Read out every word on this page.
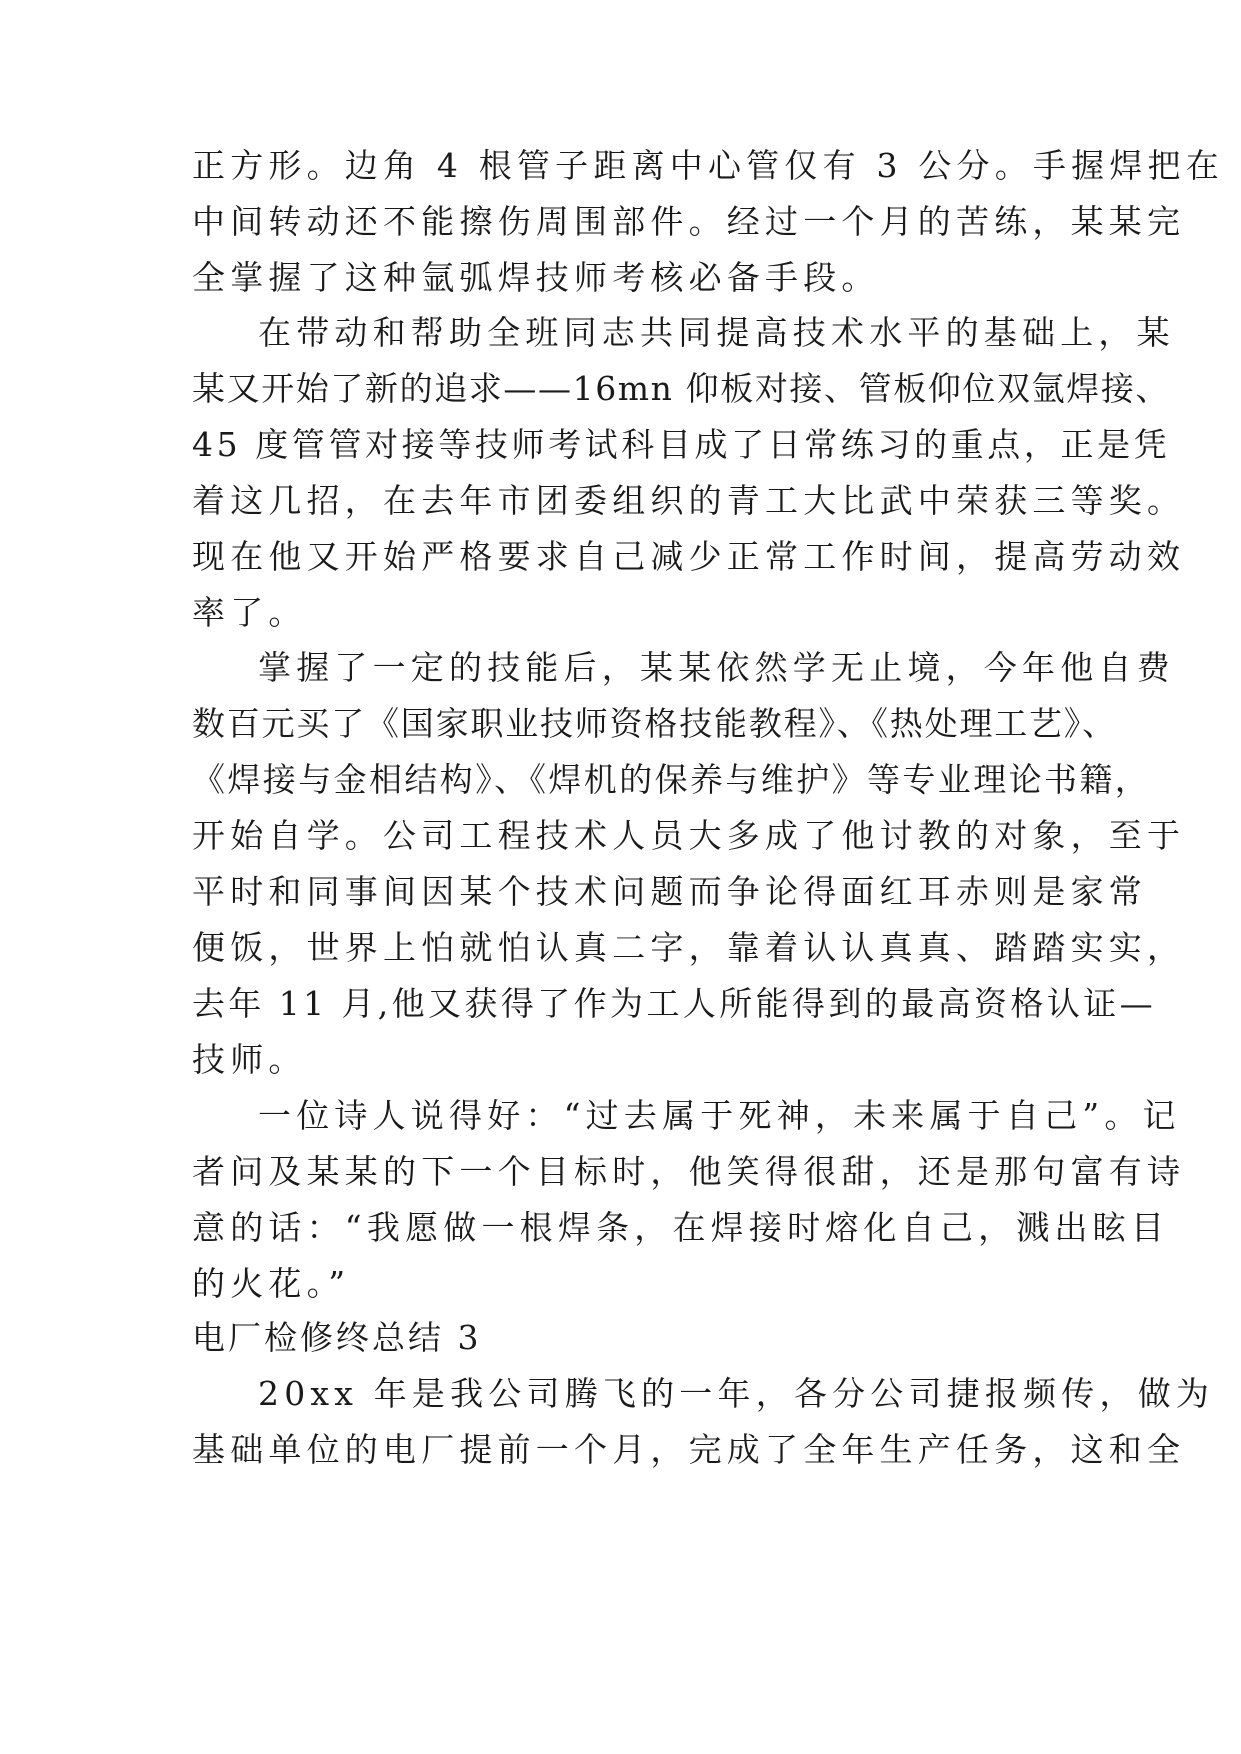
正方形。边角 4 根管子距离中心管仅有 3 公分。手握焊把在
中间转动还不能擦伤周围部件。经过一个月的苦练，某某完
全掌握了这种氩弧焊技师考核必备手段。
在带动和帮助全班同志共同提高技术水平的基础上，某
某又开始了新的追求——16mn 仰板对接、管板仰位双氩焊接、
45 度管管对接等技师考试科目成了日常练习的重点，正是凭
着这几招，在去年市团委组织的青工大比武中荣获三等奖。
现在他又开始严格要求自己减少正常工作时间，提高劳动效
率了。
掌握了一定的技能后，某某依然学无止境，今年他自费
数百元买了《国家职业技师资格技能教程》、《热处理工艺》、
《焊接与金相结构》、《焊机的保养与维护》等专业理论书籍，
开始自学。公司工程技术人员大多成了他讨教的对象，至于
平时和同事间因某个技术问题而争论得面红耳赤则是家常
便饭，世界上怕就怕认真二字，靠着认认真真、踏踏实实，
去年 11 月,他又获得了作为工人所能得到的最高资格认证—
技师。
一位诗人说得好：“过去属于死神，未来属于自己”。记
者问及某某的下一个目标时，他笑得很甜，还是那句富有诗
意的话：“我愿做一根焊条，在焊接时熔化自己，溅出眩目
的火花。”
电厂检修终总结 3
20xx 年是我公司腾飞的一年，各分公司捷报频传，做为
基础单位的电厂提前一个月，完成了全年生产任务，这和全
